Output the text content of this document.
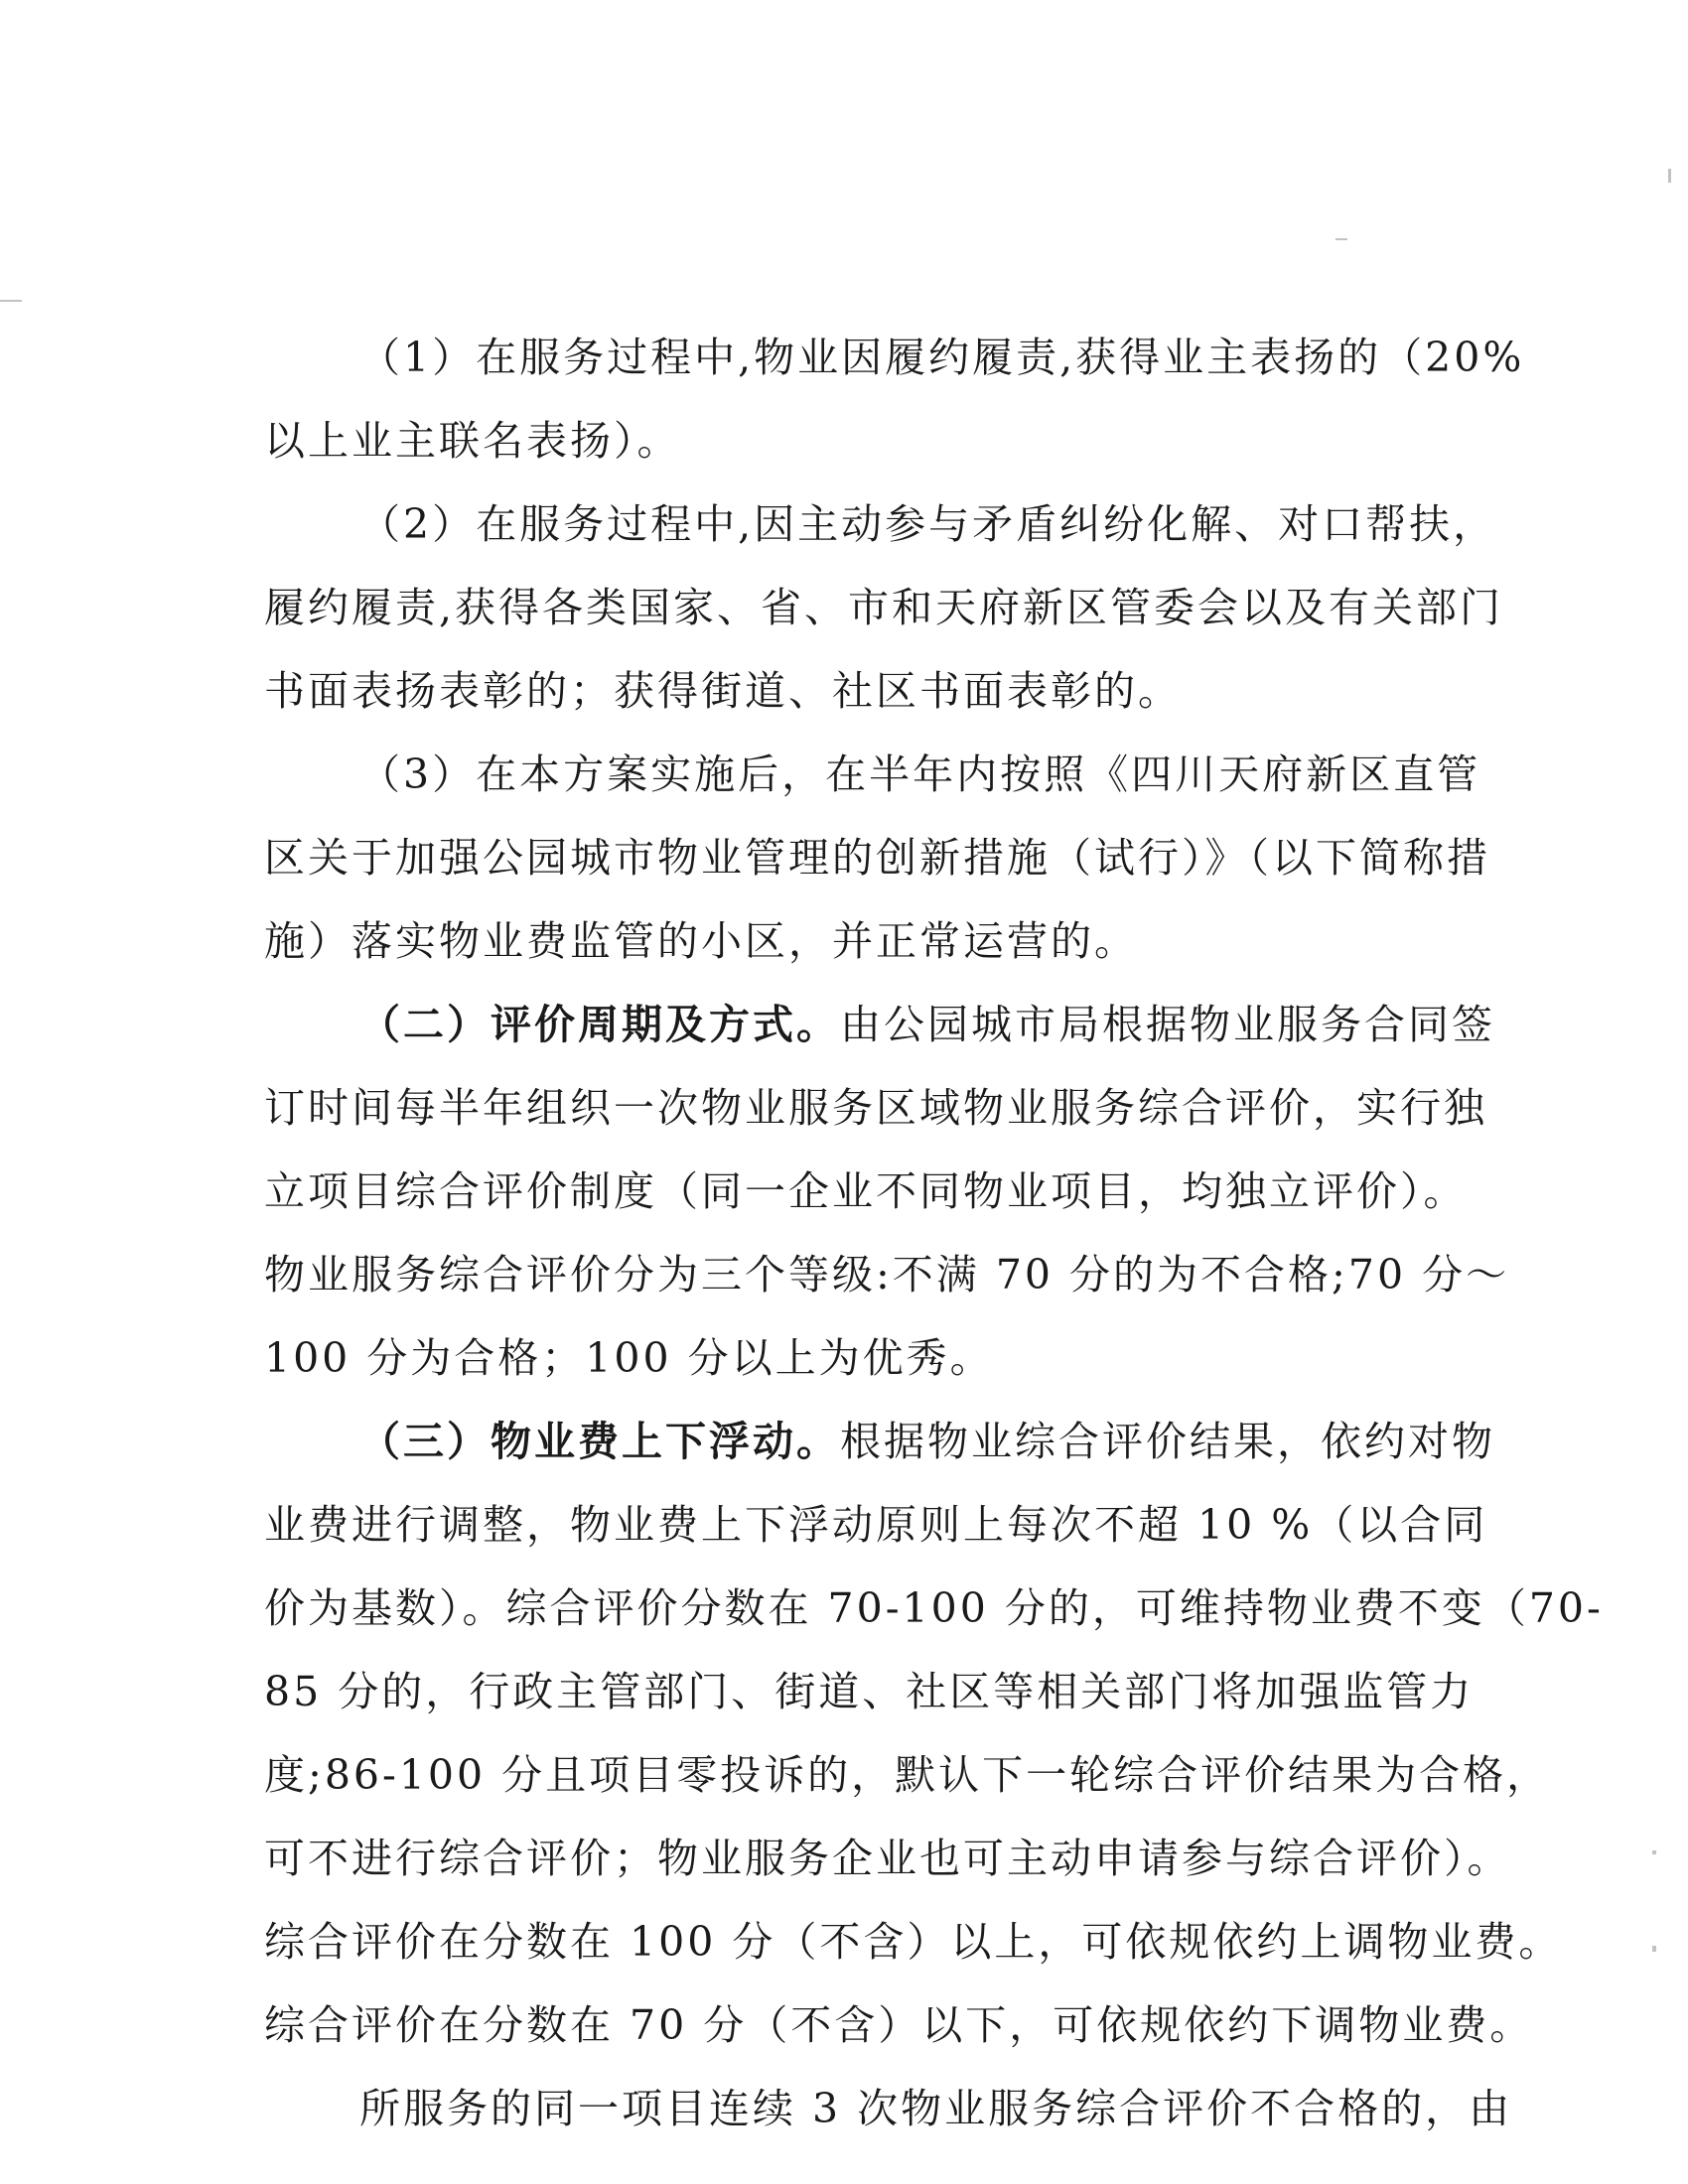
（1）在服务过程中,物业因履约履责,获得业主表扬的（20%
以上业主联名表扬）。
（2）在服务过程中,因主动参与矛盾纠纷化解、对口帮扶，
履约履责,获得各类国家、省、市和天府新区管委会以及有关部门
书面表扬表彰的；获得街道、社区书面表彰的。
（3）在本方案实施后，在半年内按照《四川天府新区直管
区关于加强公园城市物业管理的创新措施（试行）》（以下简称措
施）落实物业费监管的小区，并正常运营的。
（二）评价周期及方式。由公园城市局根据物业服务合同签
订时间每半年组织一次物业服务区域物业服务综合评价，实行独
立项目综合评价制度（同一企业不同物业项目，均独立评价）。
物业服务综合评价分为三个等级:不满 70 分的为不合格;70 分～
100 分为合格；100 分以上为优秀。
（三）物业费上下浮动。根据物业综合评价结果，依约对物
业费进行调整，物业费上下浮动原则上每次不超 10 %（以合同
价为基数）。综合评价分数在 70-100 分的，可维持物业费不变（70-
85 分的，行政主管部门、街道、社区等相关部门将加强监管力
度;86-100 分且项目零投诉的，默认下一轮综合评价结果为合格，
可不进行综合评价；物业服务企业也可主动申请参与综合评价）。
综合评价在分数在 100 分（不含）以上，可依规依约上调物业费。
综合评价在分数在 70 分（不含）以下，可依规依约下调物业费。
所服务的同一项目连续 3 次物业服务综合评价不合格的，由
